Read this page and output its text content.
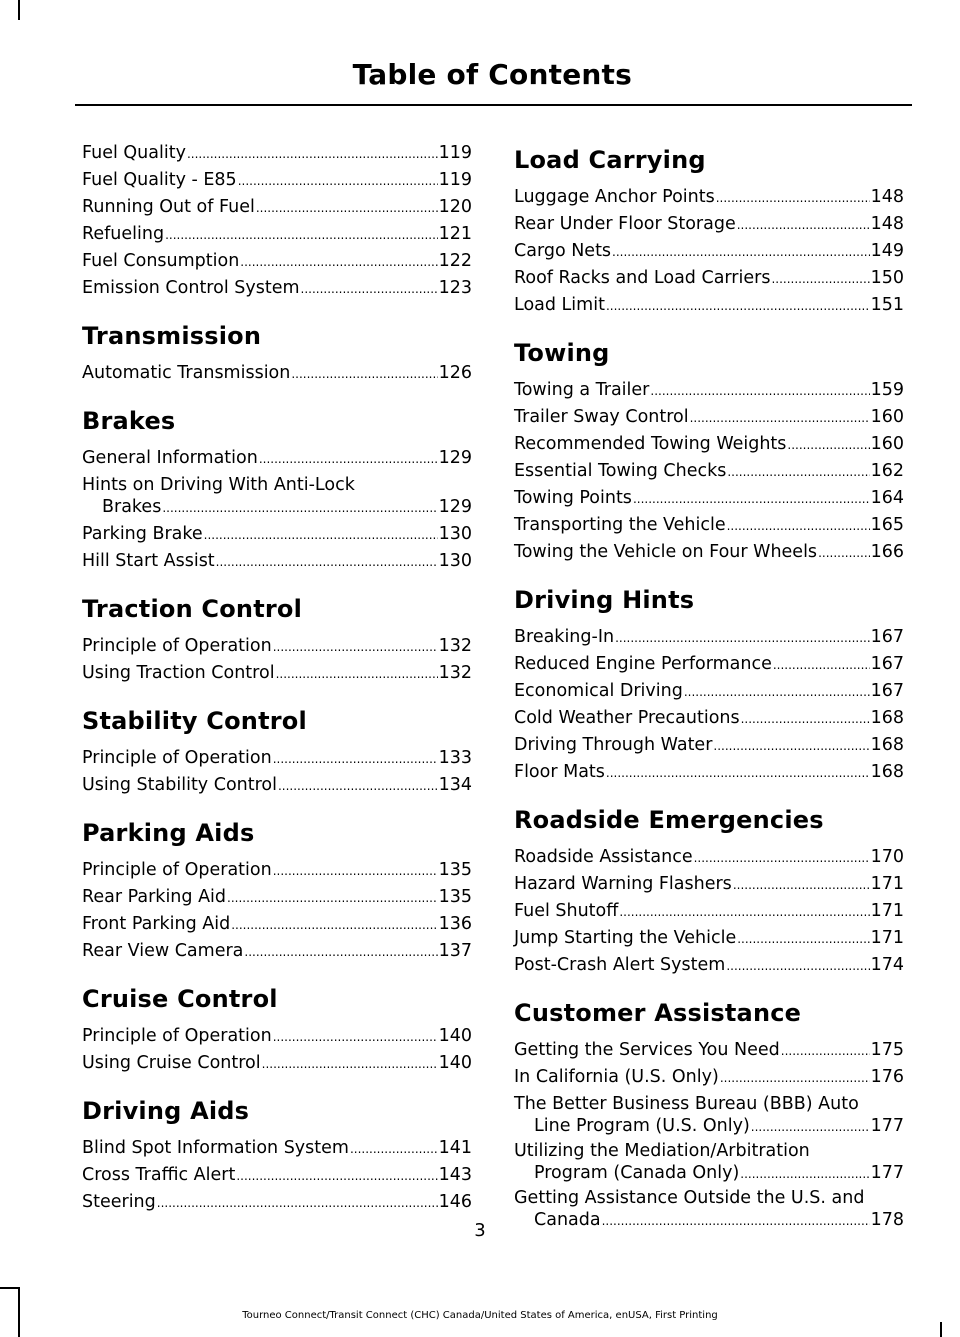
Table of Contents
Fuel Quality .....	119
Fuel Quality - E85 .....	119
Running Out of Fuel .....	120
Refueling .....	121
Fuel Consumption .....	122
Emission Control System .....	123
Transmission
Automatic Transmission .....	126
Brakes
General Information .....	129
Hints on Driving With Anti-Lock
Brakes .....	129
Parking Brake .....	130
Hill Start Assist .....	130
Traction Control
Principle of Operation .....	132
Using Traction Control .....	132
Stability Control
Principle of Operation .....	133
Using Stability Control .....	134
Parking Aids
Principle of Operation .....	135
Rear Parking Aid .....	135
Front Parking Aid .....	136
Rear View Camera .....	137
Cruise Control
Principle of Operation .....	140
Using Cruise Control .....	140
Driving Aids
Blind Spot Information System .....	141
Cross Traffic Alert .....	143
Steering .....	146
Load Carrying
Luggage Anchor Points .....	148
Rear Under Floor Storage .....	148
Cargo Nets .....	149
Roof Racks and Load Carriers .....	150
Load Limit .....	151
Towing
Towing a Trailer .....	159
Trailer Sway Control .....	160
Recommended Towing Weights .....	160
Essential Towing Checks .....	162
Towing Points .....	164
Transporting the Vehicle .....	165
Towing the Vehicle on Four Wheels .....	166
Driving Hints
Breaking-In .....	167
Reduced Engine Performance .....	167
Economical Driving .....	167
Cold Weather Precautions .....	168
Driving Through Water .....	168
Floor Mats .....	168
Roadside Emergencies
Roadside Assistance .....	170
Hazard Warning Flashers .....	171
Fuel Shutoff .....	171
Jump Starting the Vehicle .....	171
Post-Crash Alert System .....	174
Customer Assistance
Getting the Services You Need .....	175
In California (U.S. Only) .....	176
The Better Business Bureau (BBB) Auto
Line Program (U.S. Only) .....	177
Utilizing the Mediation/Arbitration
Program (Canada Only) .....	177
Getting Assistance Outside the U.S. and
Canada .....	178
3
Tourneo Connect/Transit Connect (CHC) Canada/United States of America, enUSA, First Printing
